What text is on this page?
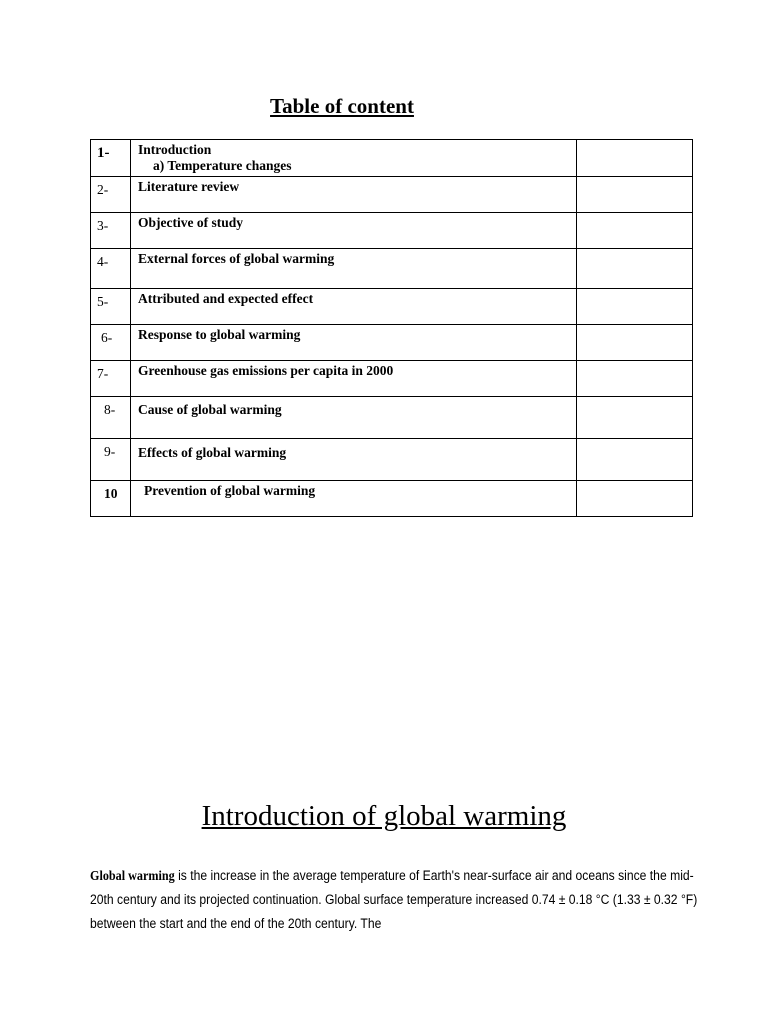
Table of content
1-	Introduction
a) Temperature changes	

2-	Literature review	

3-	Objective of study	

4-	External forces of global warming	

5-	Attributed and expected effect	

6-	Response to global warming	

7-	Greenhouse gas emissions per capita in 2000	

8-	Cause of global warming	

9-	Effects of global warming	

10	Prevention of global warming	

Introduction of global warming

Global warming is the increase in the average temperature of Earth's near-surface air and oceans since the mid-20th century and its projected continuation. Global surface temperature increased 0.74 ± 0.18 °C (1.33 ± 0.32 °F) between the start and the end of the 20th century. The
